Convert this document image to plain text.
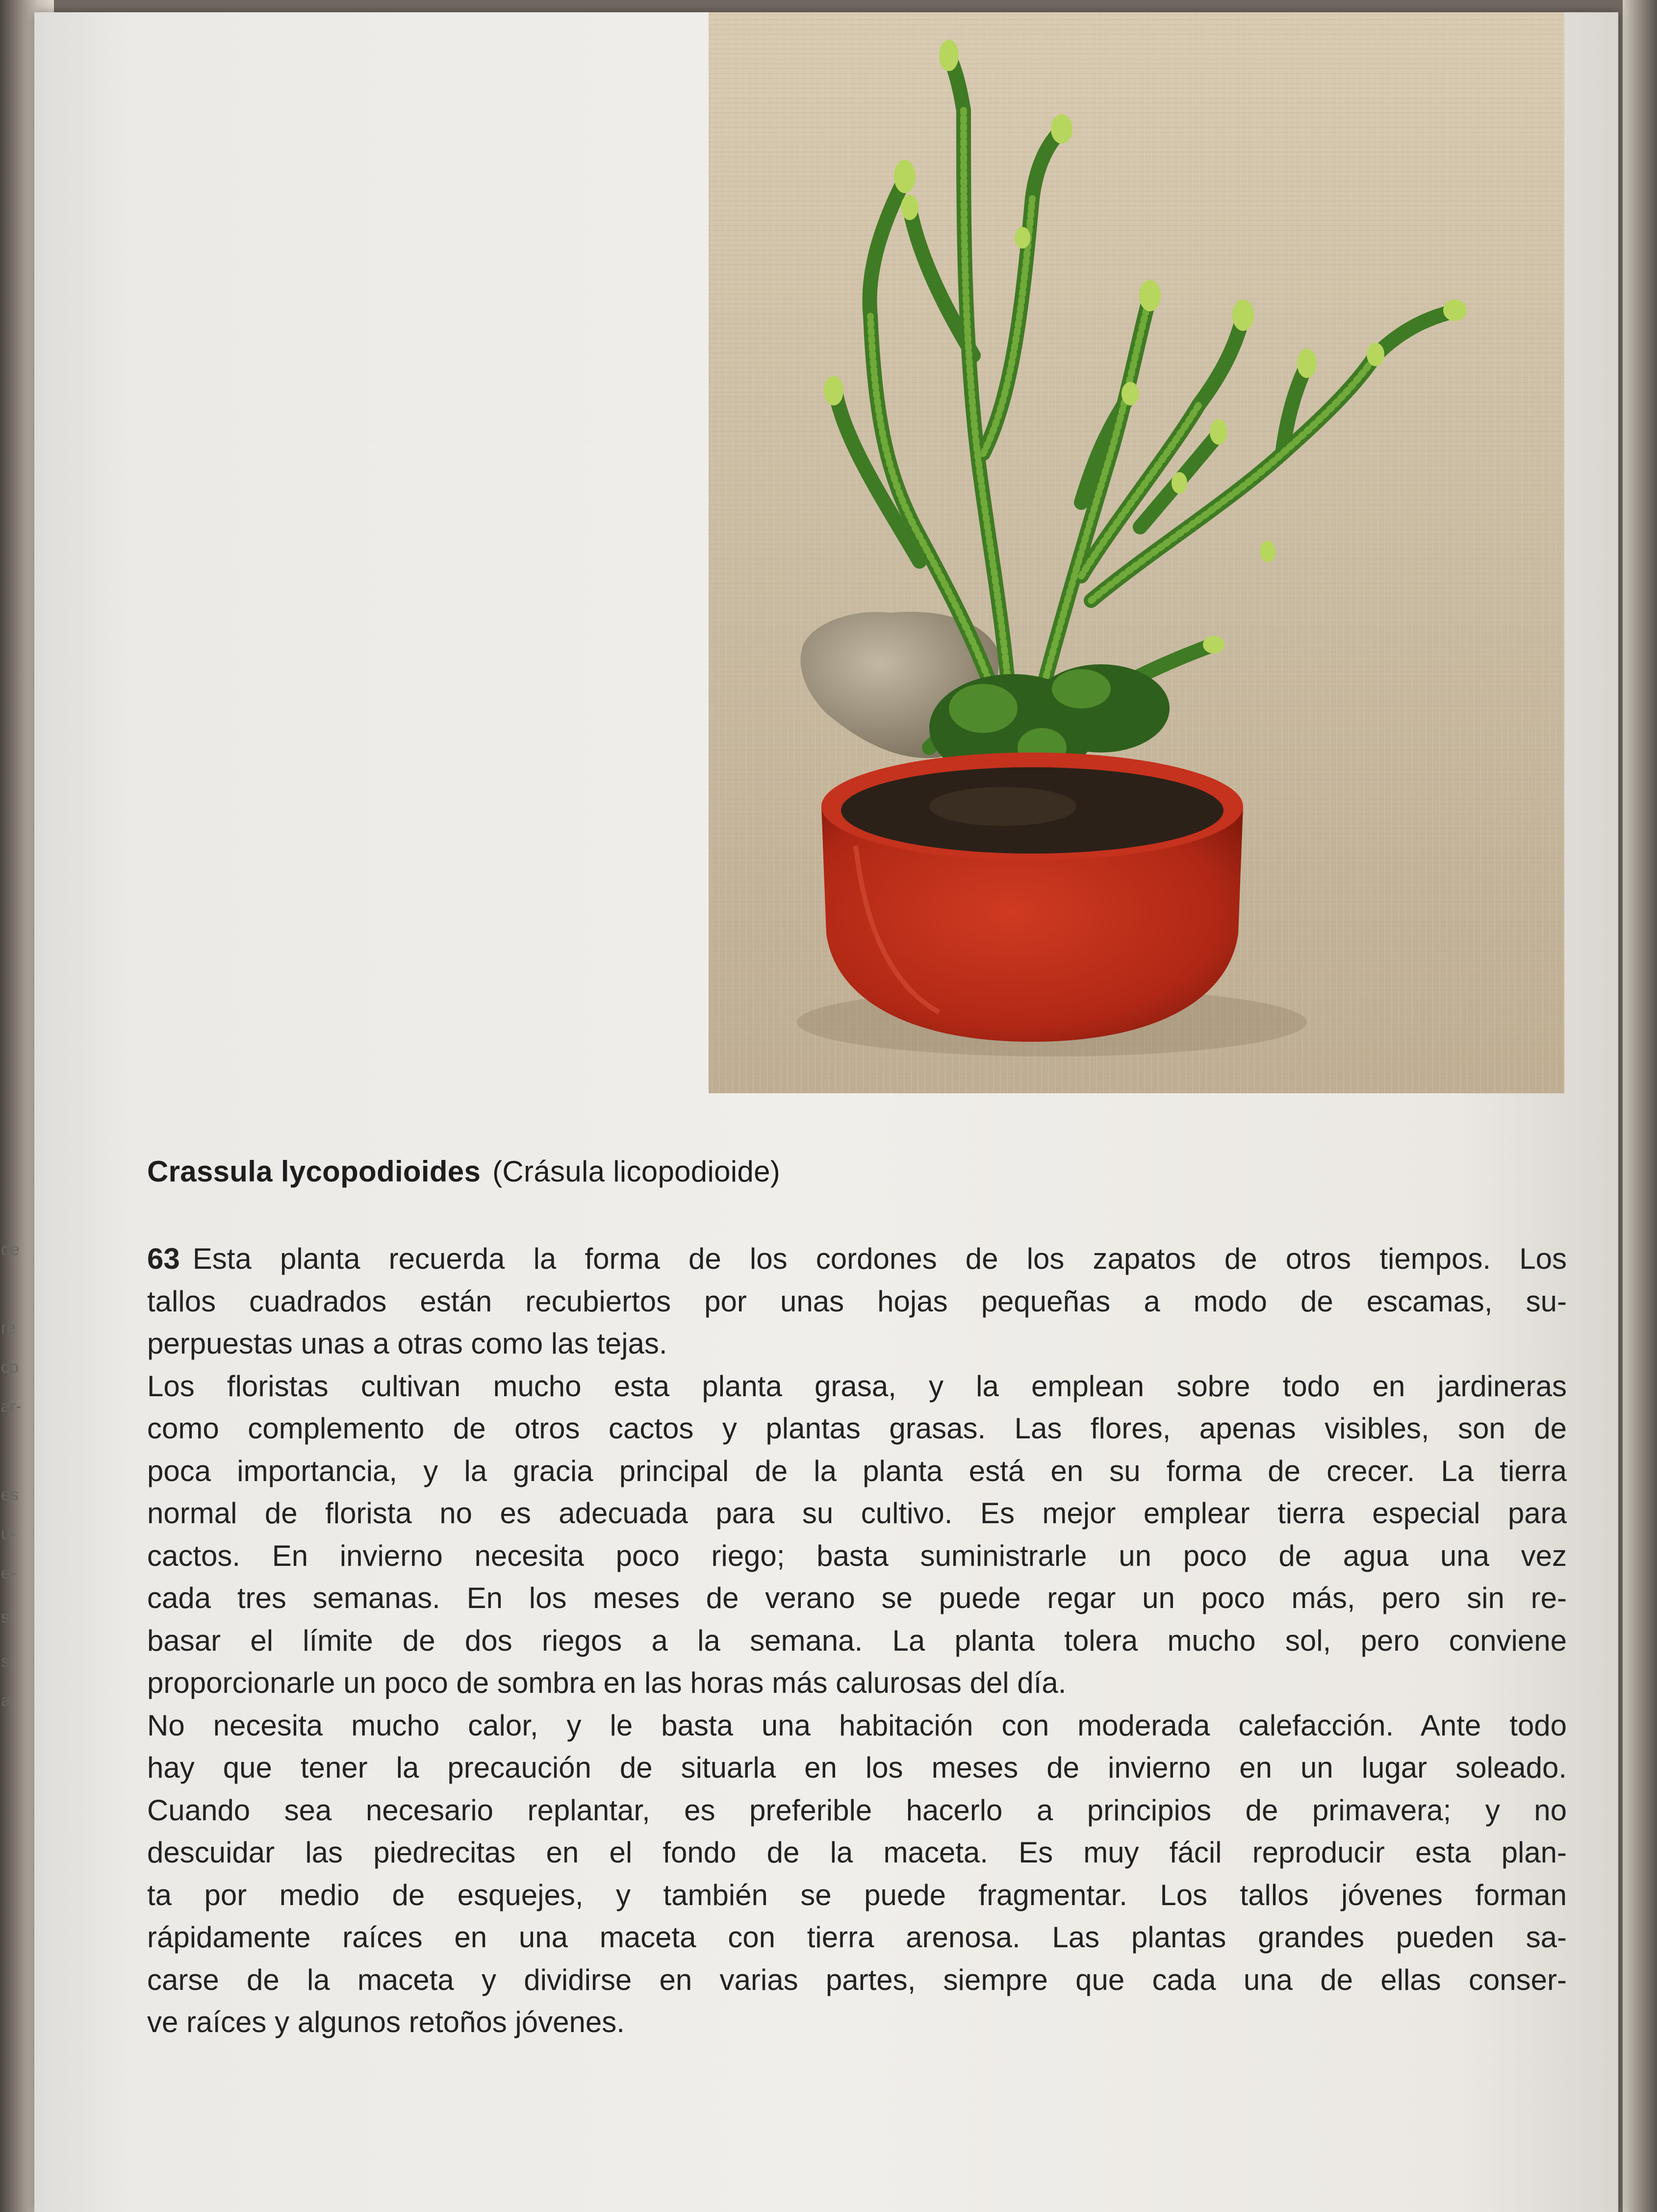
de
re
co
ar-
es
u-
e-
s
s
a
Crassula lycopodioides (Crásula licopodioide)

63 Esta planta recuerda la forma de los cordones de los zapatos de otros tiempos. Los
tallos cuadrados están recubiertos por unas hojas pequeñas a modo de escamas, su-
perpuestas unas a otras como las tejas.

Los floristas cultivan mucho esta planta grasa, y la emplean sobre todo en jardineras
como complemento de otros cactos y plantas grasas. Las flores, apenas visibles, son de
poca importancia, y la gracia principal de la planta está en su forma de crecer. La tierra
normal de florista no es adecuada para su cultivo. Es mejor emplear tierra especial para
cactos. En invierno necesita poco riego; basta suministrarle un poco de agua una vez
cada tres semanas. En los meses de verano se puede regar un poco más, pero sin re-
basar el límite de dos riegos a la semana. La planta tolera mucho sol, pero conviene
proporcionarle un poco de sombra en las horas más calurosas del día.

No necesita mucho calor, y le basta una habitación con moderada calefacción. Ante todo
hay que tener la precaución de situarla en los meses de invierno en un lugar soleado.
Cuando sea necesario replantar, es preferible hacerlo a principios de primavera; y no
descuidar las piedrecitas en el fondo de la maceta. Es muy fácil reproducir esta plan-
ta por medio de esquejes, y también se puede fragmentar. Los tallos jóvenes forman
rápidamente raíces en una maceta con tierra arenosa. Las plantas grandes pueden sa-
carse de la maceta y dividirse en varias partes, siempre que cada una de ellas conser-
ve raíces y algunos retoños jóvenes.
